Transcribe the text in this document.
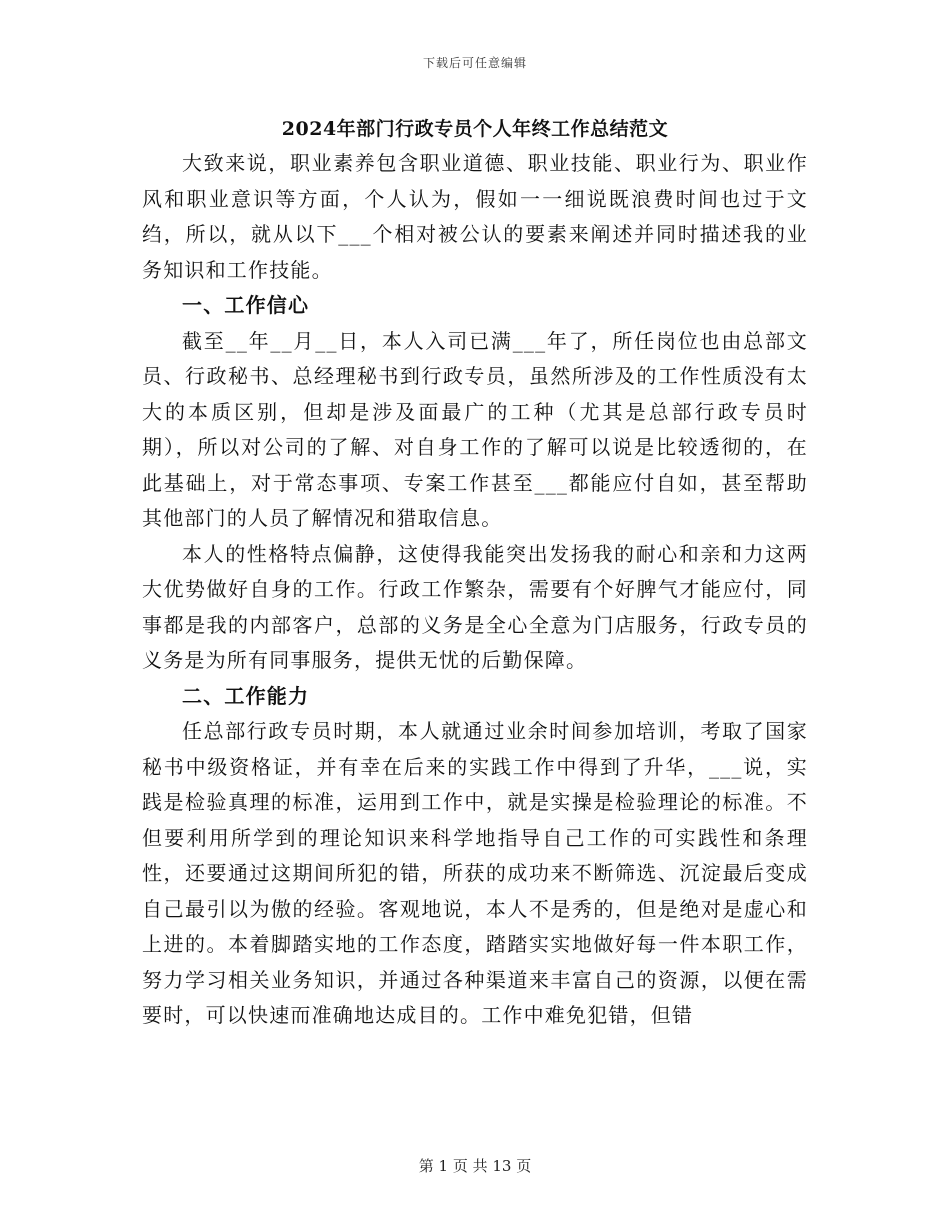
下载后可任意编辑
2024年部门行政专员个人年终工作总结范文

大致来说，职业素养包含职业道德、职业技能、职业行为、职业作风和职业意识等方面，个人认为，假如一一细说既浪费时间也过于文绉，所以，就从以下___个相对被公认的要素来阐述并同时描述我的业务知识和工作技能。

一、工作信心

截至__年__月__日，本人入司已满___年了，所任岗位也由总部文员、行政秘书、总经理秘书到行政专员，虽然所涉及的工作性质没有太大的本质区别，但却是涉及面最广的工种（尤其是总部行政专员时期），所以对公司的了解、对自身工作的了解可以说是比较透彻的，在此基础上，对于常态事项、专案工作甚至___都能应付自如，甚至帮助其他部门的人员了解情况和猎取信息。

本人的性格特点偏静，这使得我能突出发扬我的耐心和亲和力这两大优势做好自身的工作。行政工作繁杂，需要有个好脾气才能应付，同事都是我的内部客户，总部的义务是全心全意为门店服务，行政专员的义务是为所有同事服务，提供无忧的后勤保障。

二、工作能力

任总部行政专员时期，本人就通过业余时间参加培训，考取了国家秘书中级资格证，并有幸在后来的实践工作中得到了升华，___说，实践是检验真理的标准，运用到工作中，就是实操是检验理论的标准。不但要利用所学到的理论知识来科学地指导自己工作的可实践性和条理性，还要通过这期间所犯的错，所获的成功来不断筛选、沉淀最后变成自己最引以为傲的经验。客观地说，本人不是秀的，但是绝对是虚心和上进的。本着脚踏实地的工作态度，踏踏实实地做好每一件本职工作，努力学习相关业务知识，并通过各种渠道来丰富自己的资源，以便在需要时，可以快速而准确地达成目的。工作中难免犯错，但错

第 1 页 共 13 页
